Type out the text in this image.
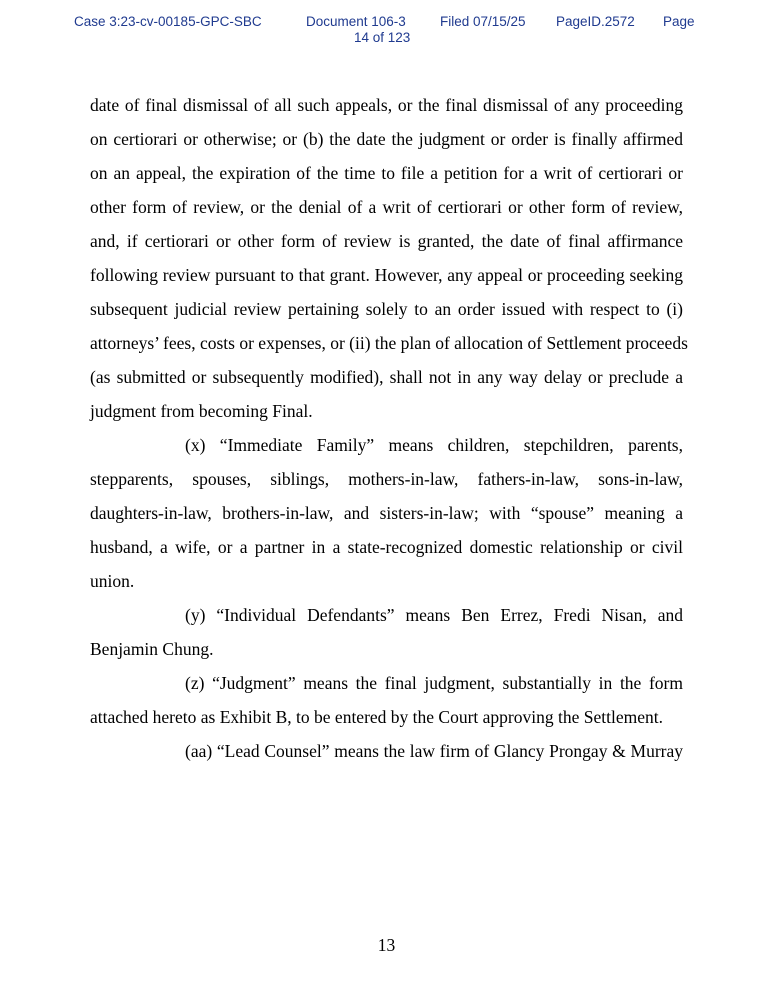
Case 3:23-cv-00185-GPC-SBC	Document 106-3
14 of 123
Filed 07/15/25 PageID.2572 Page
date of final dismissal of all such appeals, or the final dismissal of any proceeding
on certiorari or otherwise; or (b) the date the judgment or order is finally affirmed
on an appeal, the expiration of the time to file a petition for a writ of certiorari or
other form of review, or the denial of a writ of certiorari or other form of review,
and, if certiorari or other form of review is granted, the date of final affirmance
following review pursuant to that grant. However, any appeal or proceeding seeking
subsequent judicial review pertaining solely to an order issued with respect to (i)
attorneys’ fees, costs or expenses, or (ii) the plan of allocation of Settlement proceeds
(as submitted or subsequently modified), shall not in any way delay or preclude a
judgment from becoming Final.
(x) “Immediate Family” means children, stepchildren, parents,
stepparents, spouses, siblings, mothers-in-law, fathers-in-law, sons-in-law,
daughters-in-law, brothers-in-law, and sisters-in-law; with “spouse” meaning a
husband, a wife, or a partner in a state-recognized domestic relationship or civil
union.
(y) “Individual Defendants” means Ben Errez, Fredi Nisan, and
Benjamin Chung.
(z) “Judgment” means the final judgment, substantially in the form
attached hereto as Exhibit B, to be entered by the Court approving the Settlement.
(aa) “Lead Counsel” means the law firm of Glancy Prongay & Murray
13
